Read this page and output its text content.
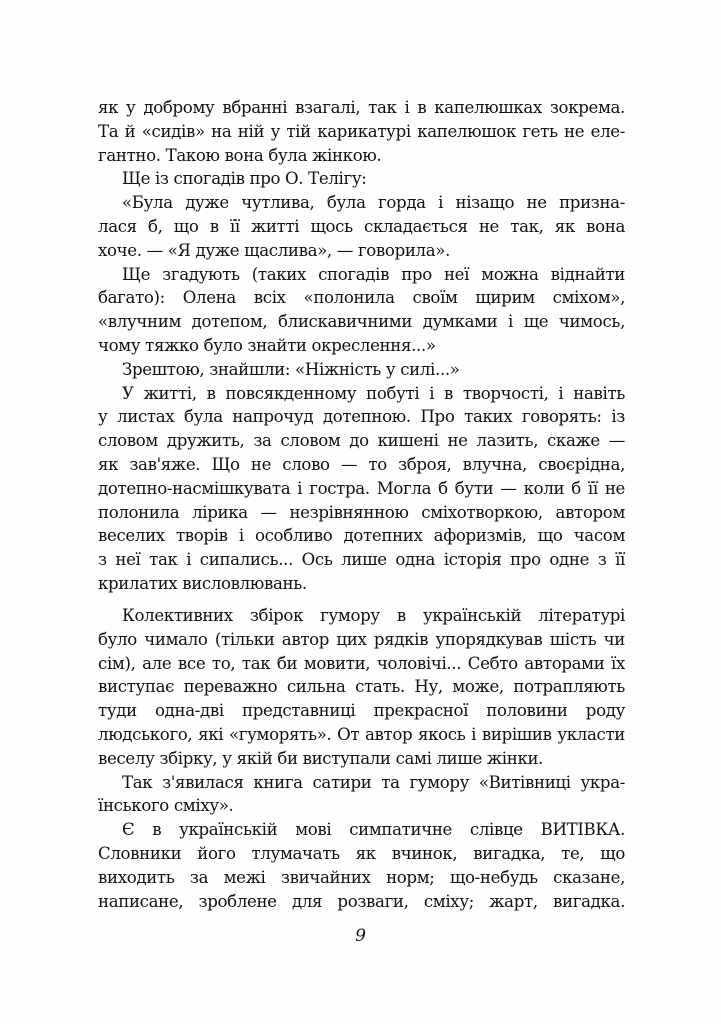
як у доброму вбранні взагалі, так і в капелюшках зокрема.
Та й «сидів» на ній у тій карикатурі капелюшок геть не еле-
гантно. Такою вона була жінкою.
Ще із спогадів про О. Телігу:
«Була дуже чутлива, була горда і нізащо не призна-
лася б, що в її житті щось складається не так, як вона
хоче. — «Я дуже щаслива», — говорила».
Ще згадують (таких спогадів про неї можна віднайти
багато): Олена всіх «полонила своїм щирим сміхом»,
«влучним дотепом, блискавичними думками і ще чимось,
чому тяжко було знайти окреслення...»
Зрештою, знайшли: «Ніжність у силі...»
У житті, в повсякденному побуті і в творчості, і навіть
у листах була напрочуд дотепною. Про таких говорять: із
словом дружить, за словом до кишені не лазить, скаже —
як зав'яже. Що не слово — то зброя, влучна, своєрідна,
дотепно-насмішкувата і гостра. Могла б бути — коли б її не
полонила лірика — незрівнянною сміхотворкою, автором
веселих творів і особливо дотепних афоризмів, що часом
з неї так і сипались... Ось лише одна історія про одне з її
крилатих висловлювань.
Колективних збірок гумору в українській літературі
було чимало (тільки автор цих рядків упорядкував шість чи
сім), але все то, так би мовити, чоловічі... Себто авторами їх
виступає переважно сильна стать. Ну, може, потрапляють
туди одна-дві представниці прекрасної половини роду
людського, які «гуморять». От автор якось і вирішив укласти
веселу збірку, у якій би виступали самі лише жінки.
Так з'явилася книга сатири та гумору «Витівниці укра-
їнського сміху».
Є в українській мові симпатичне слівце ВИТІВКА.
Словники його тлумачать як вчинок, вигадка, те, що
виходить за межі звичайних норм; що-небудь сказане,
написане, зроблене для розваги, сміху; жарт, вигадка.
9
